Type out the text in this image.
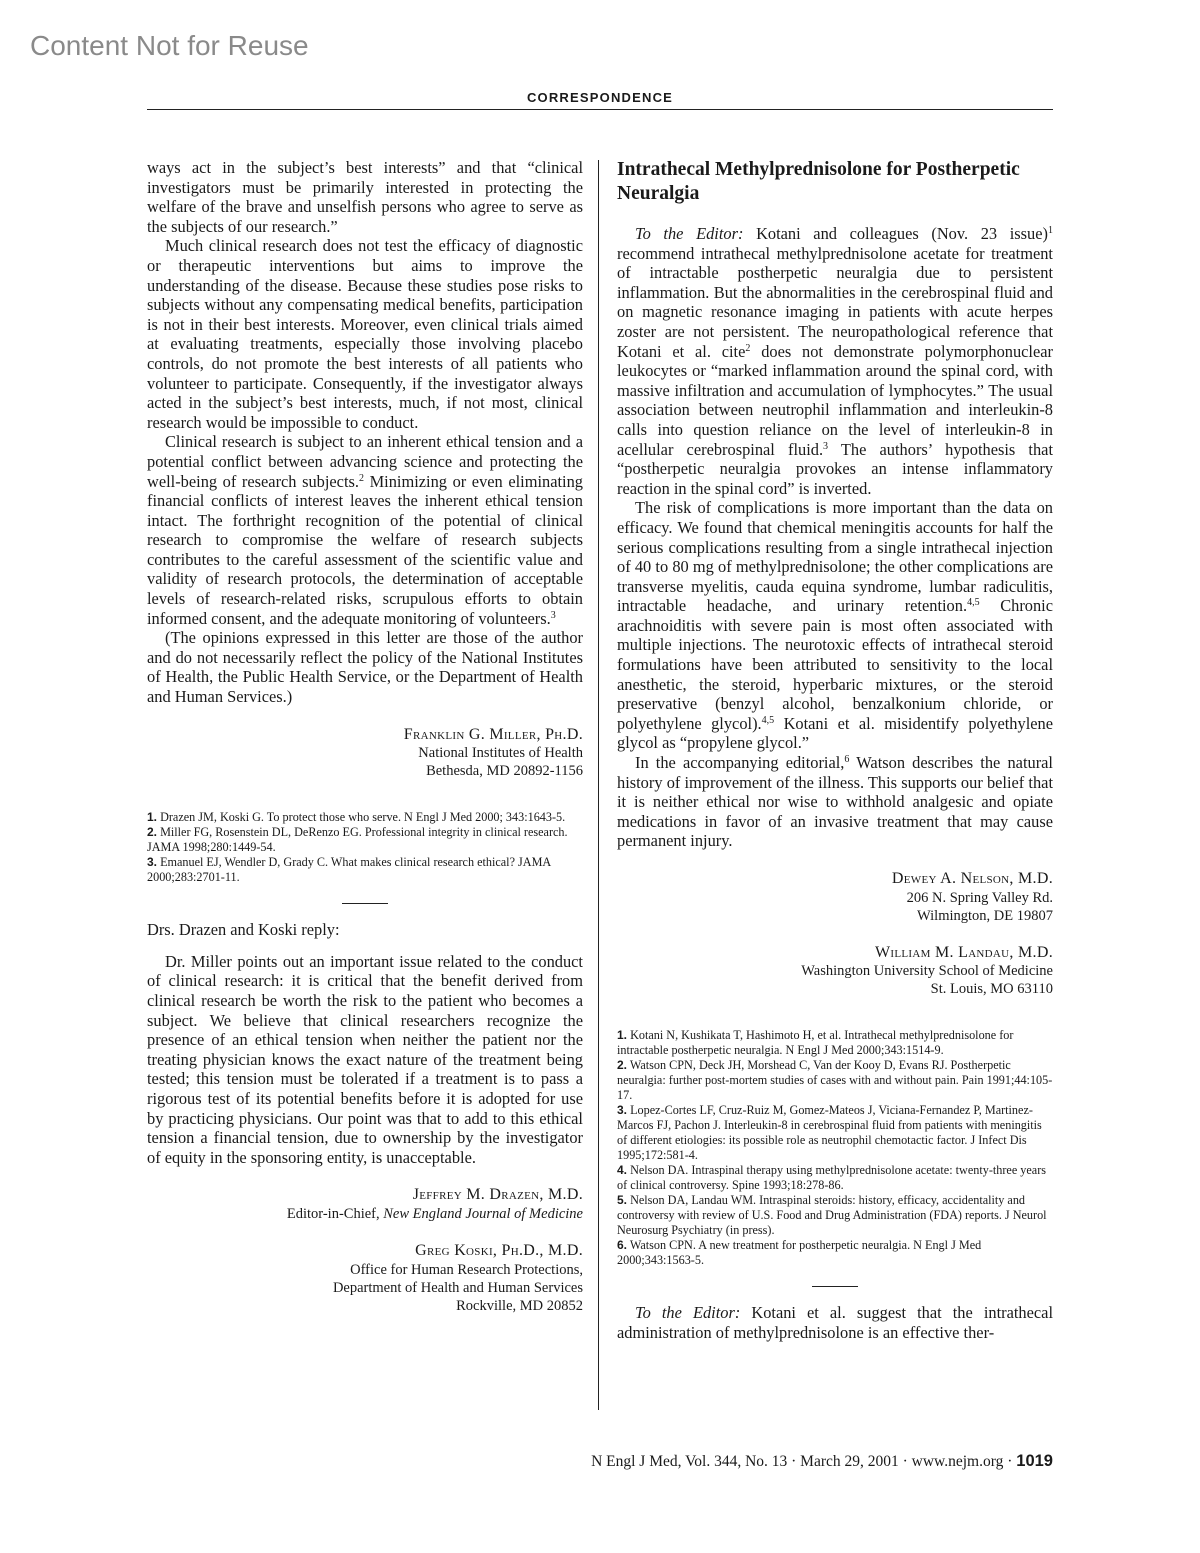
Content Not for Reuse
CORRESPONDENCE

ways act in the subject’s best interests” and that “clinical investigators must be primarily interested in protecting the welfare of the brave and unselfish persons who agree to serve as the subjects of our research.”

Much clinical research does not test the efficacy of diagnostic or therapeutic interventions but aims to improve the understanding of the disease. Because these studies pose risks to subjects without any compensating medical benefits, participation is not in their best interests. Moreover, even clinical trials aimed at evaluating treatments, especially those involving placebo controls, do not promote the best interests of all patients who volunteer to participate. Consequently, if the investigator always acted in the subject’s best interests, much, if not most, clinical research would be impossible to conduct.

Clinical research is subject to an inherent ethical tension and a potential conflict between advancing science and protecting the well-being of research subjects.$^2$ Minimizing or even eliminating financial conflicts of interest leaves the inherent ethical tension intact. The forthright recognition of the potential of clinical research to compromise the welfare of research subjects contributes to the careful assessment of the scientific value and validity of research protocols, the determination of acceptable levels of research-related risks, scrupulous efforts to obtain informed consent, and the adequate monitoring of volunteers.$^3$

(The opinions expressed in this letter are those of the author and do not necessarily reflect the policy of the National Institutes of Health, the Public Health Service, or the Department of Health and Human Services.)

Franklin G. Miller, Ph.D.
National Institutes of Health
Bethesda, MD 20892-1156
1. Drazen JM, Koski G. To protect those who serve. N Engl J Med 2000; 343:1643-5.
2. Miller FG, Rosenstein DL, DeRenzo EG. Professional integrity in clinical research. JAMA 1998;280:1449-54.
3. Emanuel EJ, Wendler D, Grady C. What makes clinical research ethical? JAMA 2000;283:2701-11.

Drs. Drazen and Koski reply:

Dr. Miller points out an important issue related to the conduct of clinical research: it is critical that the benefit derived from clinical research be worth the risk to the patient who becomes a subject. We believe that clinical researchers recognize the presence of an ethical tension when neither the patient nor the treating physician knows the exact nature of the treatment being tested; this tension must be tolerated if a treatment is to pass a rigorous test of its potential benefits before it is adopted for use by practicing physicians. Our point was that to add to this ethical tension a financial tension, due to ownership by the investigator of equity in the sponsoring entity, is unacceptable.

Jeffrey M. Drazen, M.D.
Editor-in-Chief, New England Journal of Medicine
Greg Koski, Ph.D., M.D.
Office for Human Research Protections,
Department of Health and Human Services
Rockville, MD 20852
Intrathecal Methylprednisolone for Postherpetic Neuralgia

To the Editor: Kotani and colleagues (Nov. 23 issue)$^1$ recommend intrathecal methylprednisolone acetate for treatment of intractable postherpetic neuralgia due to persistent inflammation. But the abnormalities in the cerebrospinal fluid and on magnetic resonance imaging in patients with acute herpes zoster are not persistent. The neuropathological reference that Kotani et al. cite$^2$ does not demonstrate polymorphonuclear leukocytes or “marked inflammation around the spinal cord, with massive infiltration and accumulation of lymphocytes.” The usual association between neutrophil inflammation and interleukin-8 calls into question reliance on the level of interleukin-8 in acellular cerebrospinal fluid.$^3$ The authors’ hypothesis that “postherpetic neuralgia provokes an intense inflammatory reaction in the spinal cord” is inverted.

The risk of complications is more important than the data on efficacy. We found that chemical meningitis accounts for half the serious complications resulting from a single intrathecal injection of 40 to 80 mg of methylprednisolone; the other complications are transverse myelitis, cauda equina syndrome, lumbar radiculitis, intractable headache, and urinary retention.$^{4,5}$ Chronic arachnoiditis with severe pain is most often associated with multiple injections. The neurotoxic effects of intrathecal steroid formulations have been attributed to sensitivity to the local anesthetic, the steroid, hyperbaric mixtures, or the steroid preservative (benzyl alcohol, benzalkonium chloride, or polyethylene glycol).$^{4,5}$ Kotani et al. misidentify polyethylene glycol as “propylene glycol.”

In the accompanying editorial,$^6$ Watson describes the natural history of improvement of the illness. This supports our belief that it is neither ethical nor wise to withhold analgesic and opiate medications in favor of an invasive treatment that may cause permanent injury.

Dewey A. Nelson, M.D.
206 N. Spring Valley Rd.
Wilmington, DE 19807
William M. Landau, M.D.
Washington University School of Medicine
St. Louis, MO 63110
1. Kotani N, Kushikata T, Hashimoto H, et al. Intrathecal methylprednisolone for intractable postherpetic neuralgia. N Engl J Med 2000;343:1514-9.
2. Watson CPN, Deck JH, Morshead C, Van der Kooy D, Evans RJ. Postherpetic neuralgia: further post-mortem studies of cases with and without pain. Pain 1991;44:105-17.
3. Lopez-Cortes LF, Cruz-Ruiz M, Gomez-Mateos J, Viciana-Fernandez P, Martinez-Marcos FJ, Pachon J. Interleukin-8 in cerebrospinal fluid from patients with meningitis of different etiologies: its possible role as neutrophil chemotactic factor. J Infect Dis 1995;172:581-4.
4. Nelson DA. Intraspinal therapy using methylprednisolone acetate: twenty-three years of clinical controversy. Spine 1993;18:278-86.
5. Nelson DA, Landau WM. Intraspinal steroids: history, efficacy, accidentality and controversy with review of U.S. Food and Drug Administration (FDA) reports. J Neurol Neurosurg Psychiatry (in press).
6. Watson CPN. A new treatment for postherpetic neuralgia. N Engl J Med 2000;343:1563-5.

To the Editor: Kotani et al. suggest that the intrathecal administration of methylprednisolone is an effective ther-

N Engl J Med, Vol. 344, No. 13 · March 29, 2001 · www.nejm.org · 1019
